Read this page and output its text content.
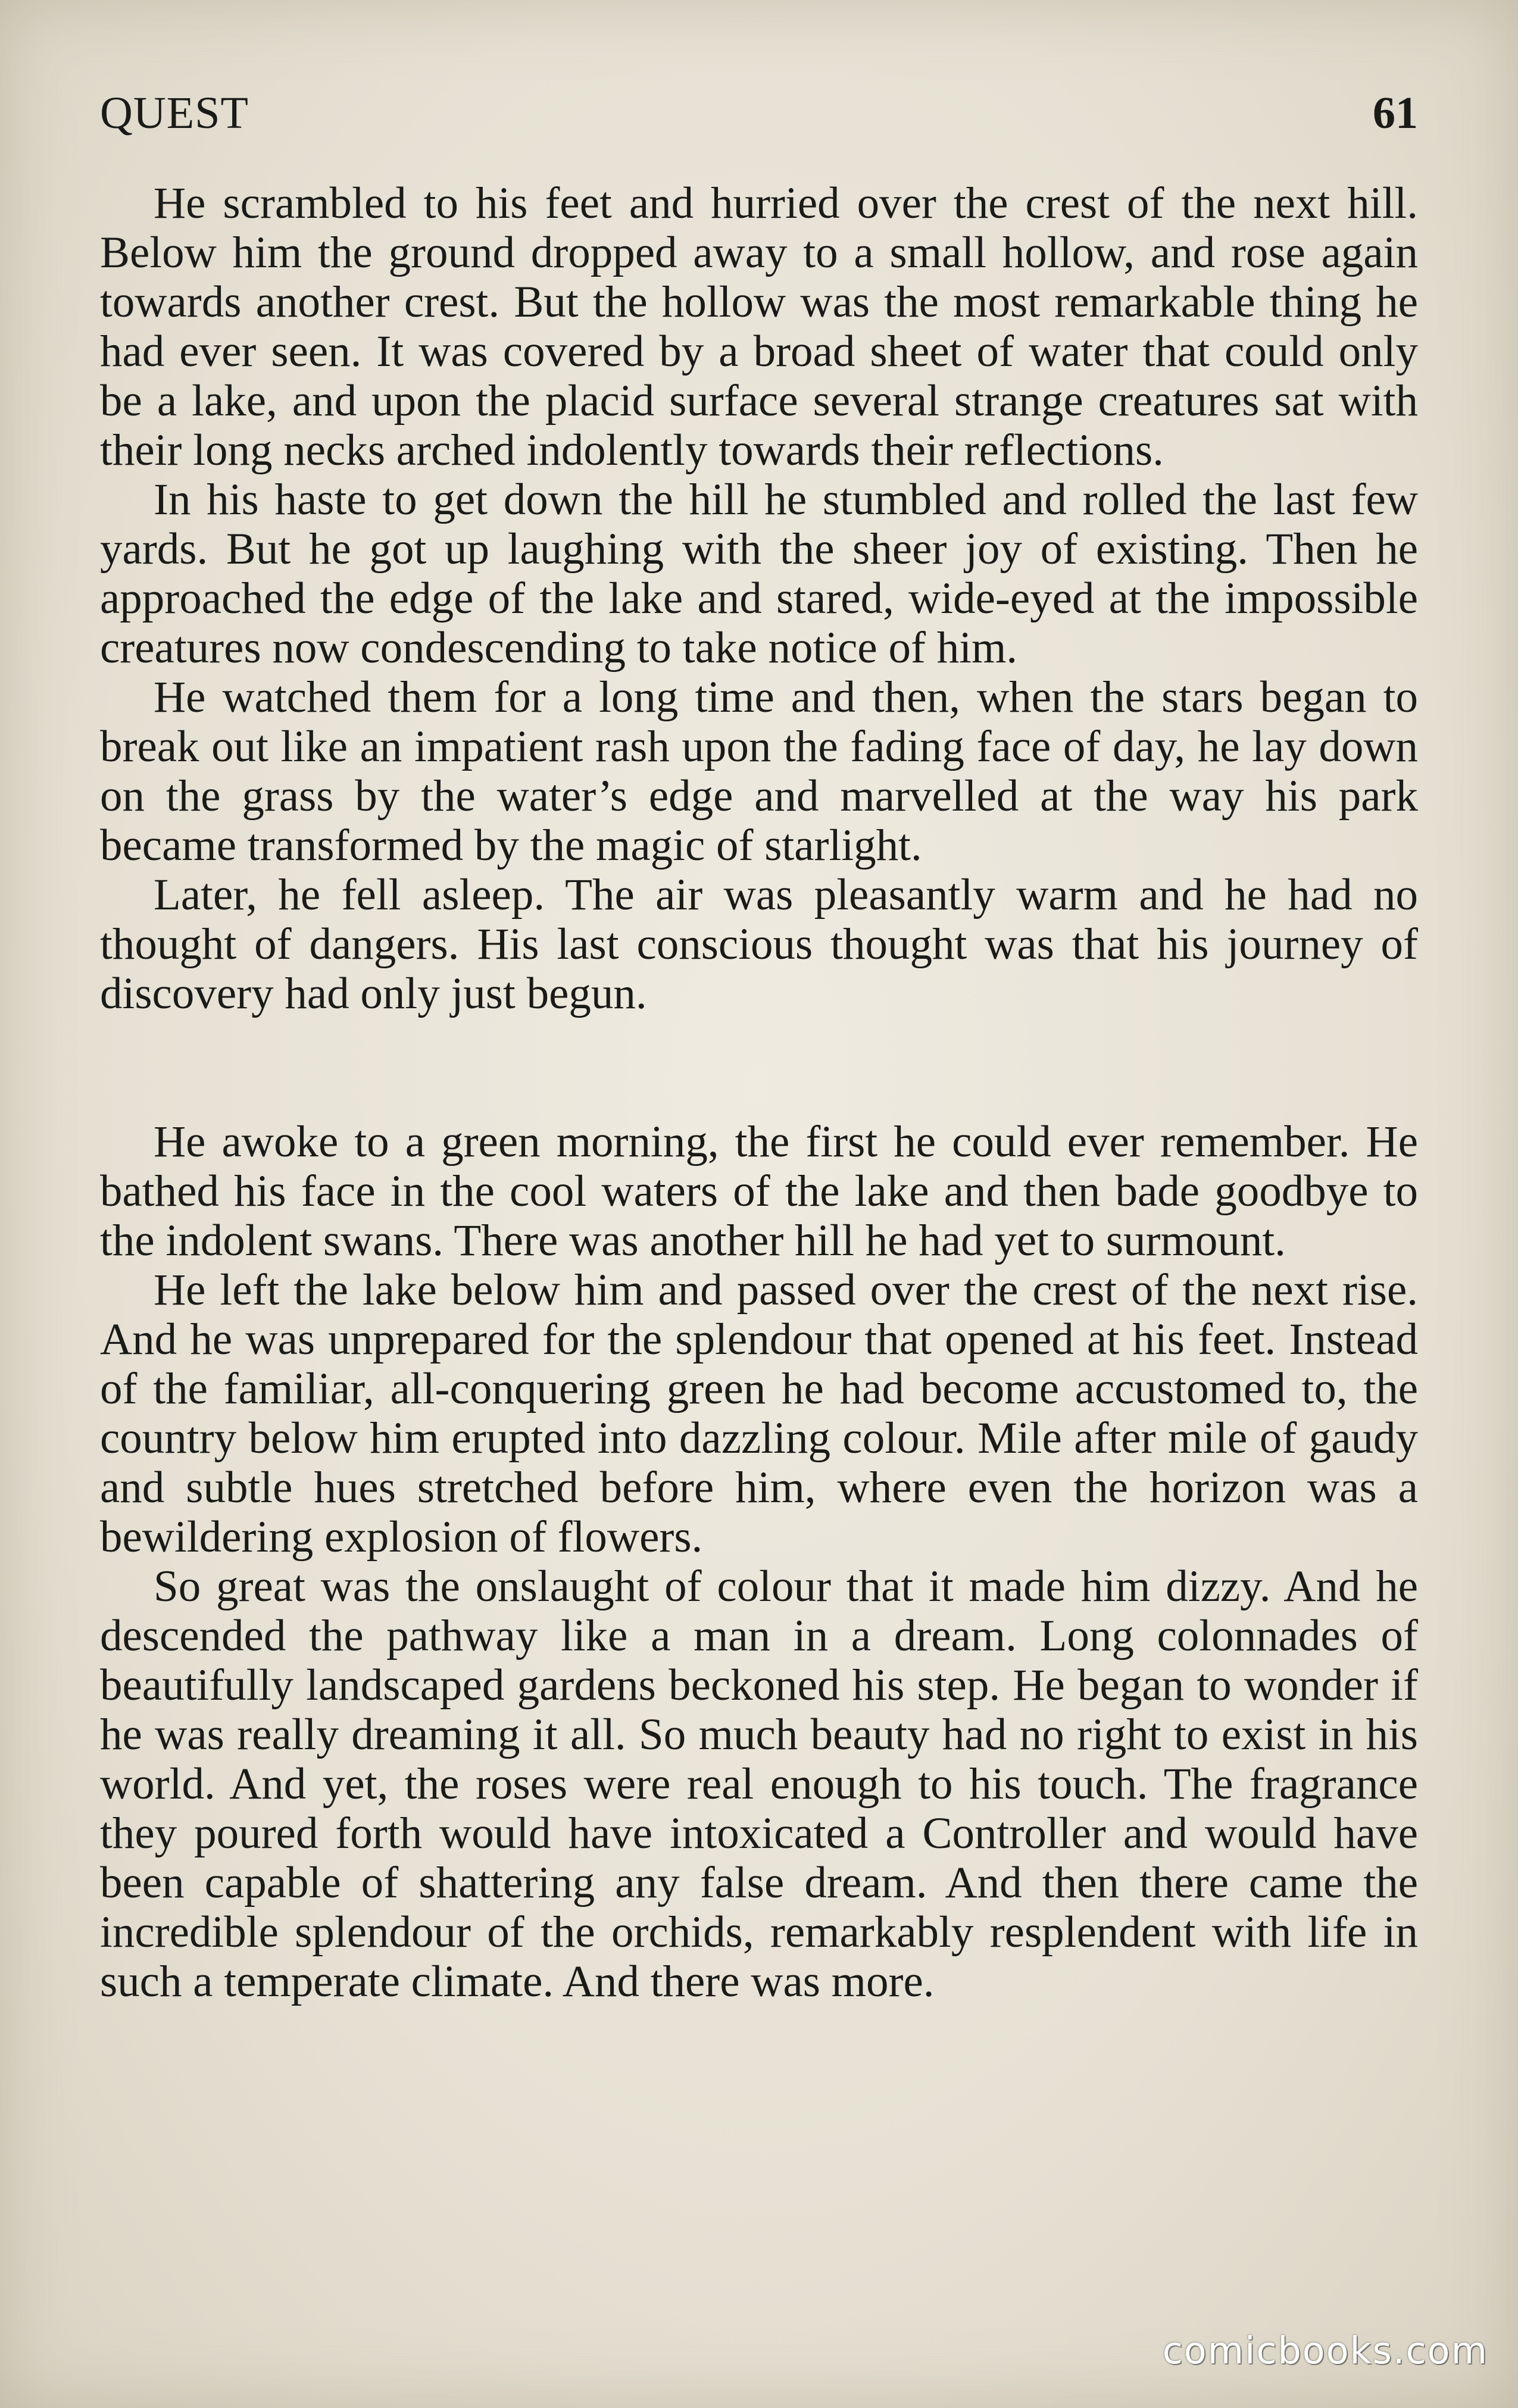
QUEST	61

He scrambled to his feet and hurried over the crest of the next hill. Below him the ground dropped away to a small hollow, and rose again towards another crest. But the hollow was the most remarkable thing he had ever seen. It was covered by a broad sheet of water that could only be a lake, and upon the placid surface several strange creatures sat with their long necks arched indolently towards their reflections.

In his haste to get down the hill he stumbled and rolled the last few yards. But he got up laughing with the sheer joy of existing. Then he approached the edge of the lake and stared, wide-eyed at the impossible creatures now condescending to take notice of him.

He watched them for a long time and then, when the stars began to break out like an impatient rash upon the fading face of day, he lay down on the grass by the water’s edge and marvelled at the way his park became transformed by the magic of starlight.

Later, he fell asleep. The air was pleasantly warm and he had no thought of dangers. His last conscious thought was that his journey of discovery had only just begun.

He awoke to a green morning, the first he could ever remember. He bathed his face in the cool waters of the lake and then bade goodbye to the indolent swans. There was another hill he had yet to surmount.

He left the lake below him and passed over the crest of the next rise. And he was unprepared for the splendour that opened at his feet. Instead of the familiar, all-conquering green he had become accustomed to, the country below him erupted into dazzling colour. Mile after mile of gaudy and subtle hues stretched before him, where even the horizon was a bewildering explosion of flowers.

So great was the onslaught of colour that it made him dizzy. And he descended the pathway like a man in a dream. Long colonnades of beautifully landscaped gardens beckoned his step. He began to wonder if he was really dreaming it all. So much beauty had no right to exist in his world. And yet, the roses were real enough to his touch. The fragrance they poured forth would have intoxicated a Controller and would have been capable of shattering any false dream. And then there came the incredible splendour of the orchids, remarkably resplendent with life in such a temperate climate. And there was more.

comicbooks.com
